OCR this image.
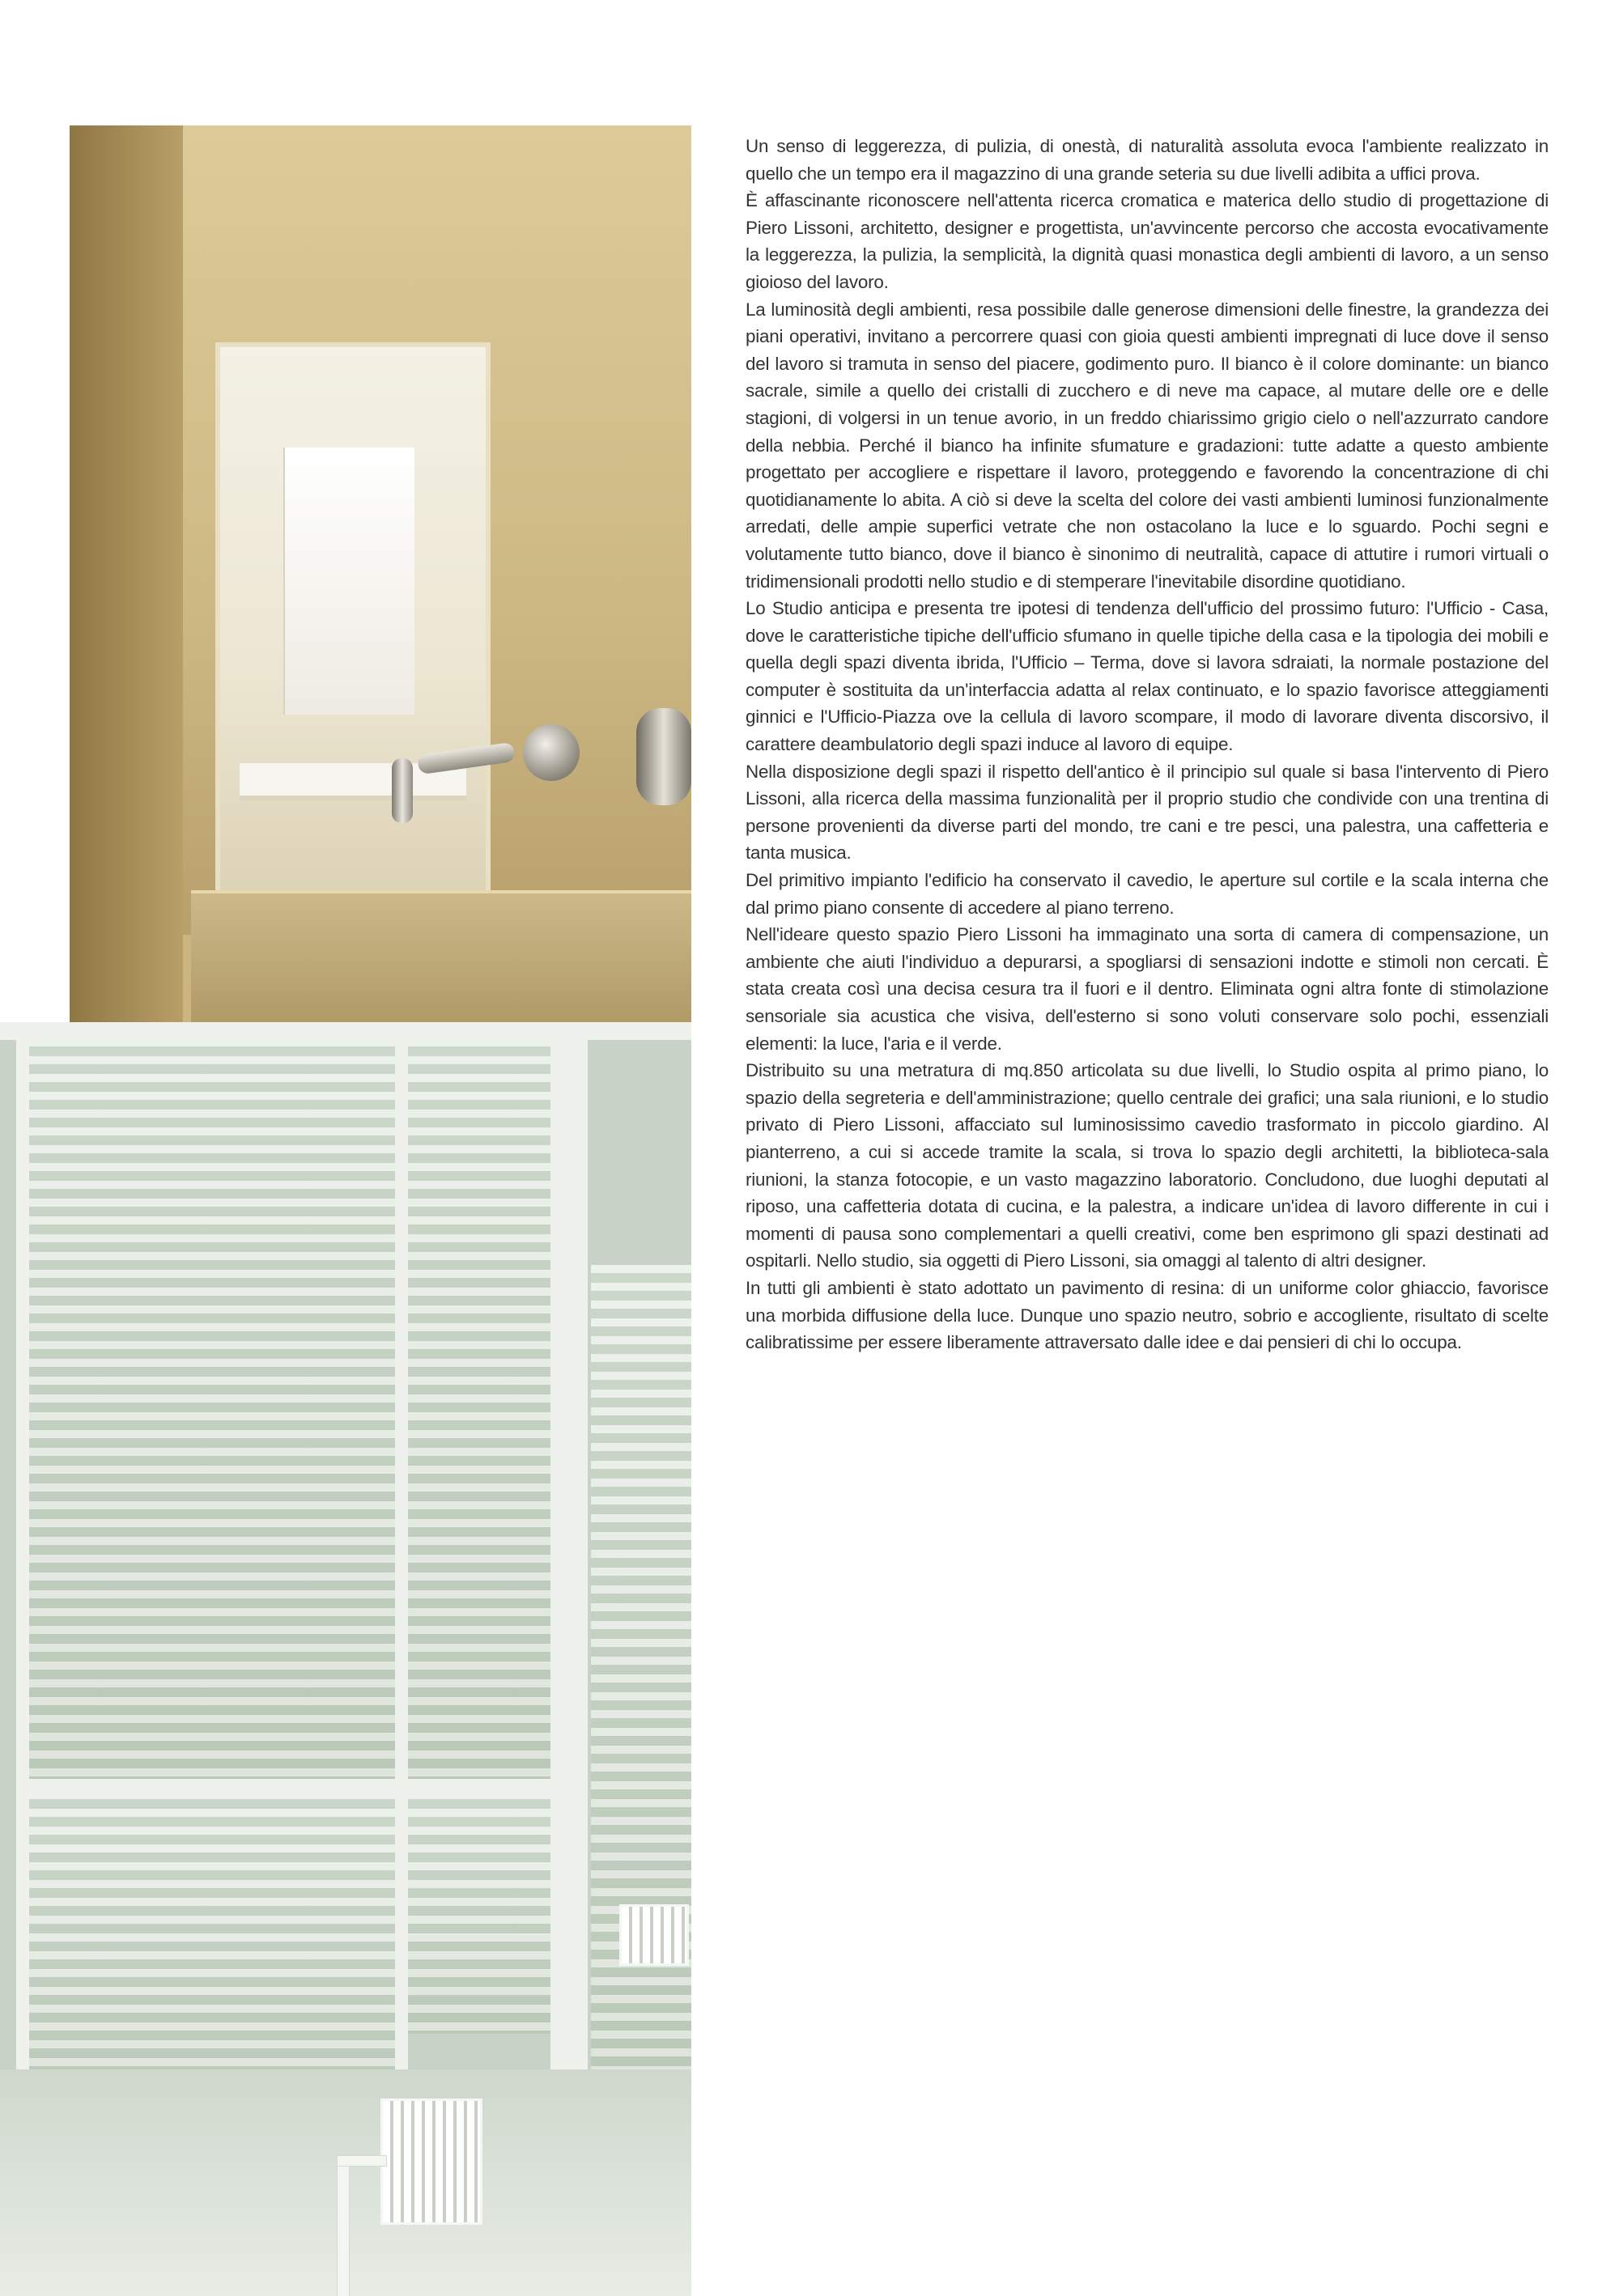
Un senso di leggerezza, di pulizia, di onestà, di naturalità assoluta evoca l'ambiente realizzato in quello che un tempo era il magazzino di una grande seteria su due livelli adibita a uffici prova.

È affascinante riconoscere nell'attenta ricerca cromatica e materica dello studio di progettazione di Piero Lissoni, architetto, designer e progettista, un'avvincente percorso che accosta evocativamente la leggerezza, la pulizia, la semplicità, la dignità quasi monastica degli ambienti di lavoro, a un senso gioioso del lavoro.

La luminosità degli ambienti, resa possibile dalle generose dimensioni delle finestre, la grandezza dei piani operativi, invitano a percorrere quasi con gioia questi ambienti impregnati di luce dove il senso del lavoro si tramuta in senso del piacere, godimento puro. Il bianco è il colore dominante: un bianco sacrale, simile a quello dei cristalli di zucchero e di neve ma capace, al mutare delle ore e delle stagioni, di volgersi in un tenue avorio, in un freddo chiarissimo grigio cielo o nell'azzurrato candore della nebbia. Perché il bianco ha infinite sfumature e gradazioni: tutte adatte a questo ambiente progettato per accogliere e rispettare il lavoro, proteggendo e favorendo la concentrazione di chi quotidianamente lo abita. A ciò si deve la scelta del colore dei vasti ambienti luminosi funzionalmente arredati, delle ampie superfici vetrate che non ostacolano la luce e lo sguardo. Pochi segni e volutamente tutto bianco, dove il bianco è sinonimo di neutralità, capace di attutire i rumori virtuali o tridimensionali prodotti nello studio e di stemperare l'inevitabile disordine quotidiano.

Lo Studio anticipa e presenta tre ipotesi di tendenza dell'ufficio del prossimo futuro: l'Ufficio - Casa, dove le caratteristiche tipiche dell'ufficio sfumano in quelle tipiche della casa e la tipologia dei mobili e quella degli spazi diventa ibrida, l'Ufficio – Terma, dove si lavora sdraiati, la normale postazione del computer è sostituita da un'interfaccia adatta al relax continuato, e lo spazio favorisce atteggiamenti ginnici e l'Ufficio-Piazza ove la cellula di lavoro scompare, il modo di lavorare diventa discorsivo, il carattere deambulatorio degli spazi induce al lavoro di equipe.

Nella disposizione degli spazi il rispetto dell'antico è il principio sul quale si basa l'intervento di Piero Lissoni, alla ricerca della massima funzionalità per il proprio studio che condivide con una trentina di persone provenienti da diverse parti del mondo, tre cani e tre pesci, una palestra, una caffetteria e tanta musica.

Del primitivo impianto l'edificio ha conservato il cavedio, le aperture sul cortile e la scala interna che dal primo piano consente di accedere al piano terreno.

Nell'ideare questo spazio Piero Lissoni ha immaginato una sorta di camera di compensazione, un ambiente che aiuti l'individuo a depurarsi, a spogliarsi di sensazioni indotte e stimoli non cercati. È stata creata così una decisa cesura tra il fuori e il dentro. Eliminata ogni altra fonte di stimolazione sensoriale sia acustica che visiva, dell'esterno si sono voluti conservare solo pochi, essenziali elementi: la luce, l'aria e il verde.

Distribuito su una metratura di mq.850 articolata su due livelli, lo Studio ospita al primo piano, lo spazio della segreteria e dell'amministrazione; quello centrale dei grafici; una sala riunioni, e lo studio privato di Piero Lissoni, affacciato sul luminosissimo cavedio trasformato in piccolo giardino. Al pianterreno, a cui si accede tramite la scala, si trova lo spazio degli architetti, la biblioteca-sala riunioni, la stanza fotocopie, e un vasto magazzino laboratorio. Concludono, due luoghi deputati al riposo, una caffetteria dotata di cucina, e la palestra, a indicare un'idea di lavoro differente in cui i momenti di pausa sono complementari a quelli creativi, come ben esprimono gli spazi destinati ad ospitarli. Nello studio, sia oggetti di Piero Lissoni, sia omaggi al talento di altri designer.

In tutti gli ambienti è stato adottato un pavimento di resina: di un uniforme color ghiaccio, favorisce una morbida diffusione della luce. Dunque uno spazio neutro, sobrio e accogliente, risultato di scelte calibratissime per essere liberamente attraversato dalle idee e dai pensieri di chi lo occupa.
